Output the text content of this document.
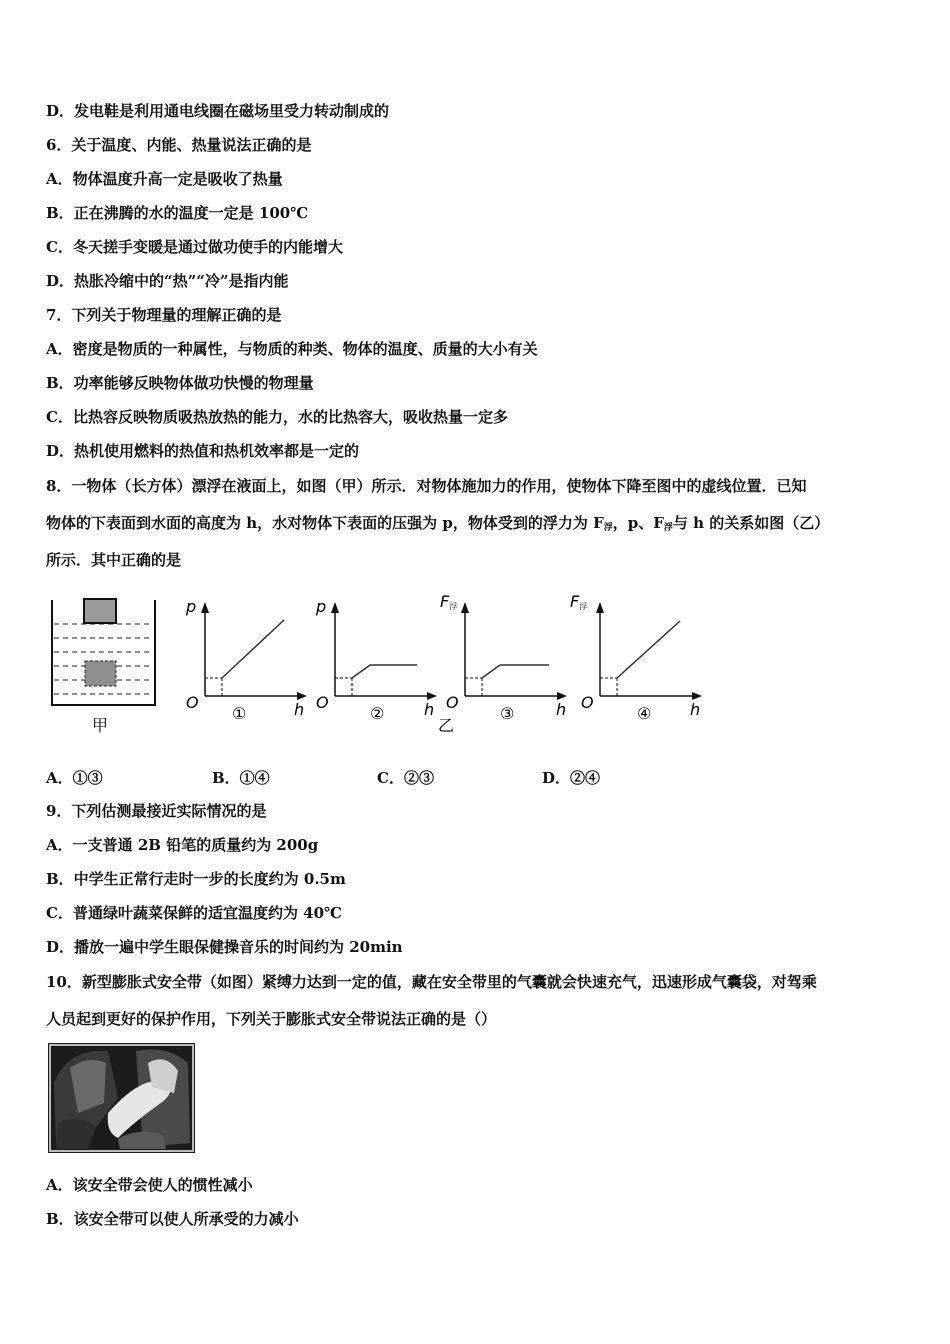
D．发电鞋是利用通电线圈在磁场里受力转动制成的
6．关于温度、内能、热量说法正确的是
A．物体温度升高一定是吸收了热量
B．正在沸腾的水的温度一定是 100℃
C．冬天搓手变暖是通过做功使手的内能增大
D．热胀冷缩中的“热”“冷”是指内能
7．下列关于物理量的理解正确的是
A．密度是物质的一种属性，与物质的种类、物体的温度、质量的大小有关
B．功率能够反映物体做功快慢的物理量
C．比热容反映物质吸热放热的能力，水的比热容大，吸收热量一定多
D．热机使用燃料的热值和热机效率都是一定的
8．一物体（长方体）漂浮在液面上，如图（甲）所示．对物体施加力的作用，使物体下降至图中的虚线位置．已知
物体的下表面到水面的高度为 h，水对物体下表面的压强为 p，物体受到的浮力为 $F_浮$，p、$F_浮$与 h 的关系如图（乙）
所示．其中正确的是
甲
p
O	h
①
p
O	h
②
F浮
O	h
③
F浮
O	h
④
乙
A．①③	B．①④	C．②③	D．②④
9．下列估测最接近实际情况的是
A．一支普通 2B 铅笔的质量约为 200g
B．中学生正常行走时一步的长度约为 0.5m
C．普通绿叶蔬菜保鲜的适宜温度约为 40℃
D．播放一遍中学生眼保健操音乐的时间约为 20min
10．新型膨胀式安全带（如图）紧缚力达到一定的值，藏在安全带里的气囊就会快速充气，迅速形成气囊袋，对驾乘
人员起到更好的保护作用，下列关于膨胀式安全带说法正确的是（）
A．该安全带会使人的惯性减小
B．该安全带可以使人所承受的力减小
